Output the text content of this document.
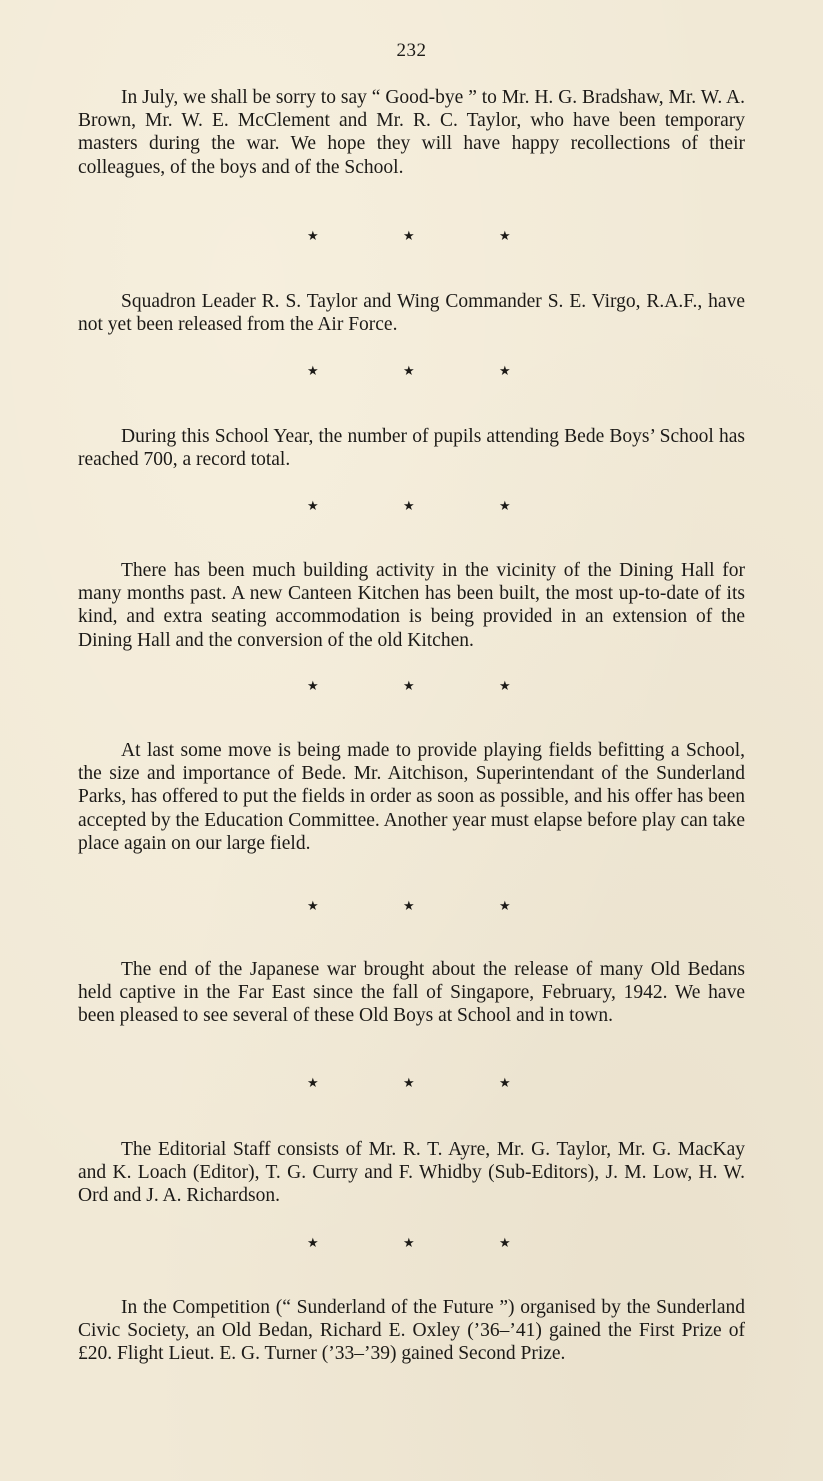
232

In July, we shall be sorry to say “ Good-bye ” to Mr. H. G. Bradshaw, Mr. W. A. Brown, Mr. W. E. McClement and Mr. R. C. Taylor, who have been temporary masters during the war. We hope they will have happy recollections of their colleagues, of the boys and of the School.

★	★	★

Squadron Leader R. S. Taylor and Wing Commander S. E. Virgo, R.A.F., have not yet been released from the Air Force.

★	★	★

During this School Year, the number of pupils attending Bede Boys’ School has reached 700, a record total.

★	★	★

There has been much building activity in the vicinity of the Dining Hall for many months past. A new Canteen Kitchen has been built, the most up-to-date of its kind, and extra seating accommodation is being provided in an extension of the Dining Hall and the conversion of the old Kitchen.

★	★	★

At last some move is being made to provide playing fields befitting a School, the size and importance of Bede. Mr. Aitchison, Superintendant of the Sunderland Parks, has offered to put the fields in order as soon as possible, and his offer has been accepted by the Education Committee. Another year must elapse before play can take place again on our large field.

★	★	★

The end of the Japanese war brought about the release of many Old Bedans held captive in the Far East since the fall of Singapore, February, 1942. We have been pleased to see several of these Old Boys at School and in town.

★	★	★

The Editorial Staff consists of Mr. R. T. Ayre, Mr. G. Taylor, Mr. G. MacKay and K. Loach (Editor), T. G. Curry and F. Whidby (Sub-Editors), J. M. Low, H. W. Ord and J. A. Richardson.

★	★	★

In the Competition (“ Sunderland of the Future ”) organised by the Sunderland Civic Society, an Old Bedan, Richard E. Oxley (’36–’41) gained the First Prize of £20. Flight Lieut. E. G. Turner (’33–’39) gained Second Prize.
